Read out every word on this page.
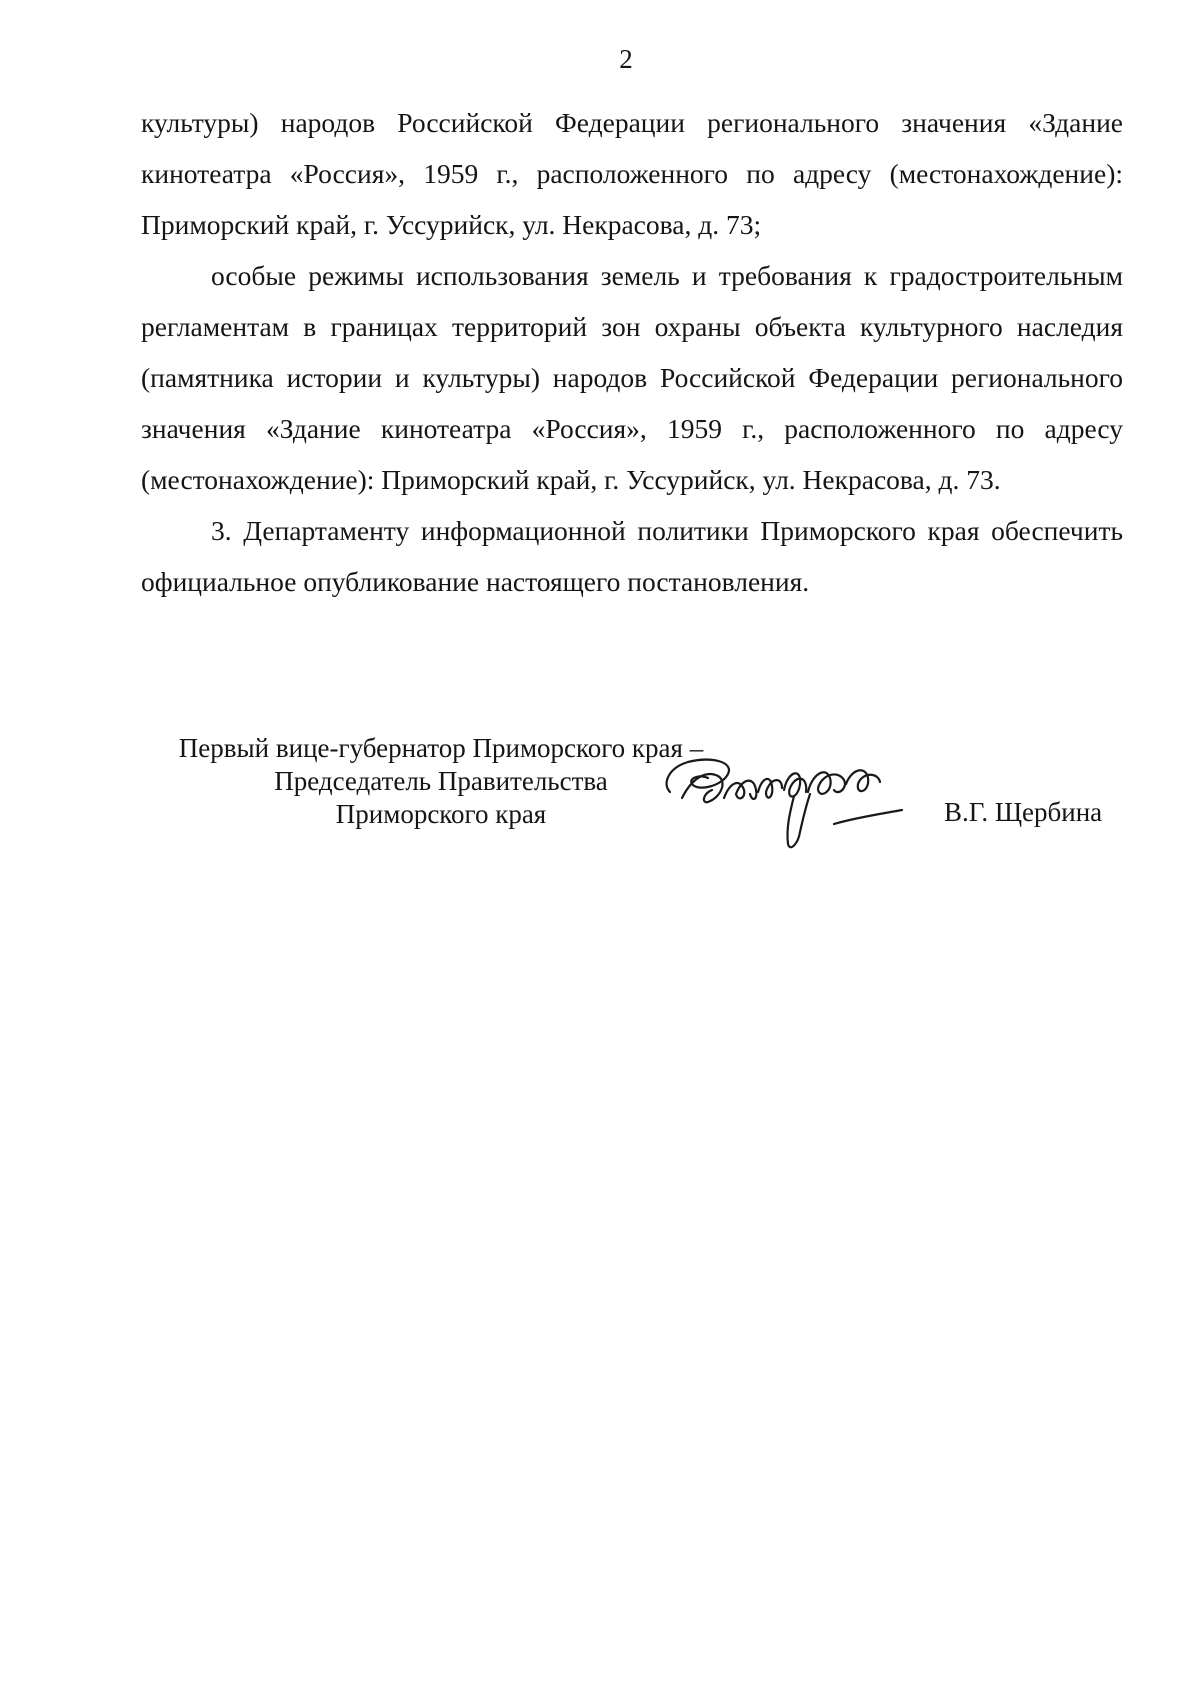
2

культуры) народов Российской Федерации регионального значения «Здание кинотеатра «Россия», 1959 г., расположенного по адресу (местонахождение): Приморский край, г. Уссурийск, ул. Некрасова, д. 73;

особые режимы использования земель и требования к градостроительным регламентам в границах территорий зон охраны объекта культурного наследия (памятника истории и культуры) народов Российской Федерации регионального значения «Здание кинотеатра «Россия», 1959 г., расположенного по адресу (местонахождение): Приморский край, г. Уссурийск, ул. Некрасова, д. 73.

3. Департаменту информационной политики Приморского края обеспечить официальное опубликование настоящего постановления.

Первый вице-губернатор Приморского края –
Председатель Правительства
Приморского края	В.Г. Щербина
